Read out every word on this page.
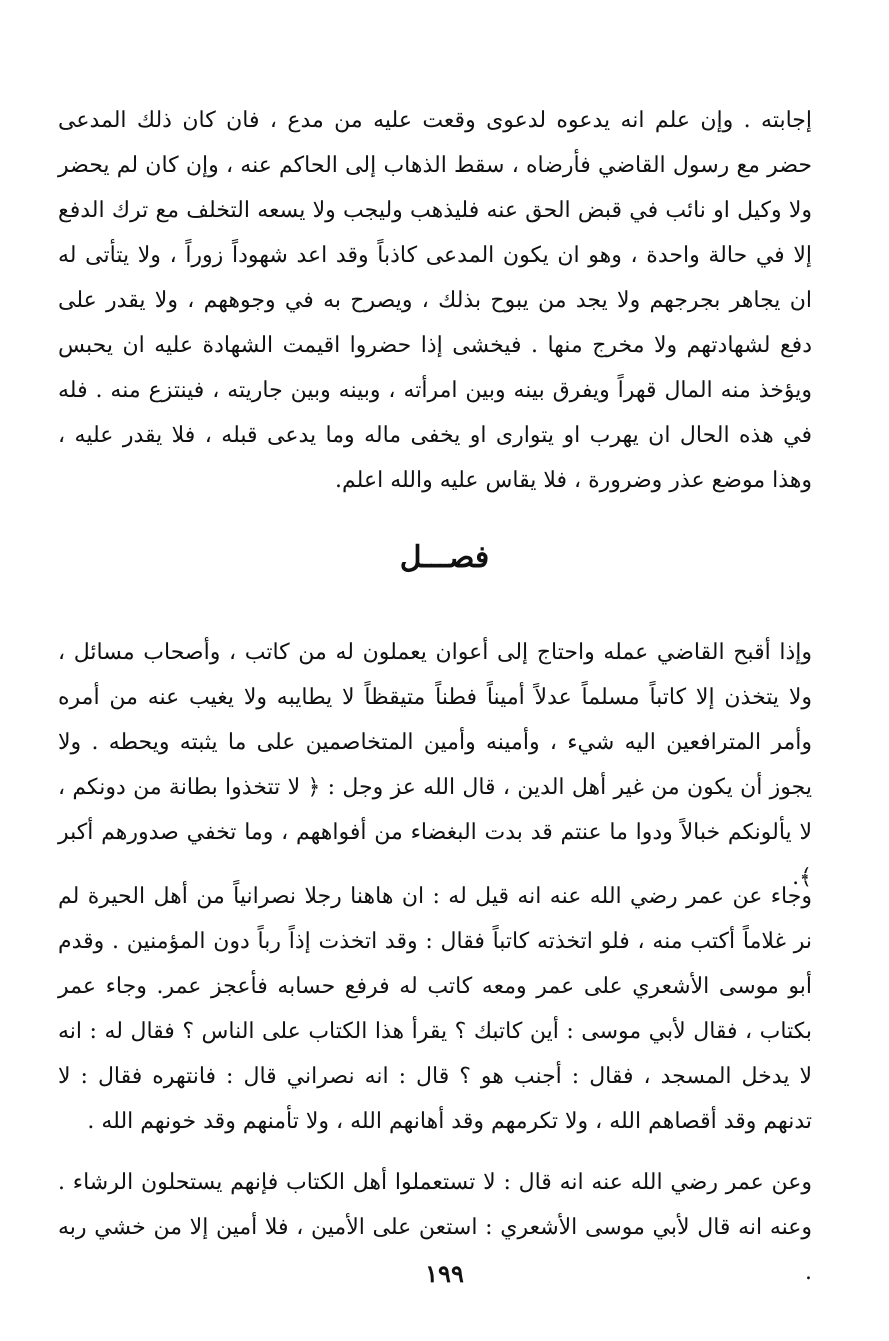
إجابته . وإن علم انه يدعوه لدعوى وقعت عليه من مدع ، فان كان ذلك المدعى حضر مع رسول القاضي فأرضاه ، سقط الذهاب إلى الحاكم عنه ، وإن كان لم يحضر ولا وكيل او نائب في قبض الحق عنه فليذهب وليجب ولا يسعه التخلف مع ترك الدفع إلا في حالة واحدة ، وهو ان يكون المدعى كاذباً وقد اعد شهوداً زوراً ، ولا يتأتى له ان يجاهر بجرجهم ولا يجد من يبوح بذلك ، ويصرح به في وجوههم ، ولا يقدر على دفع لشهادتهم ولا مخرج منها . فيخشى إذا حضروا اقيمت الشهادة عليه ان يحبس ويؤخذ منه المال قهراً ويفرق بينه وبين امرأته ، وبينه وبين جاريته ، فينتزع منه . فله في هذه الحال ان يهرب او يتوارى او يخفى ماله وما يدعى قبله ، فلا يقدر عليه ، وهذا موضع عذر وضرورة ، فلا يقاس عليه والله اعلم.

فصـــل

وإذا أقبح القاضي عمله واحتاج إلى أعوان يعملون له من كاتب ، وأصحاب مسائل ، ولا يتخذن إلا كاتباً مسلماً عدلاً أميناً فطناً متيقظاً لا يطايبه ولا يغيب عنه من أمره وأمر المترافعين اليه شيء ، وأمينه وأمين المتخاصمين على ما يثبته ويحطه . ولا يجوز أن يكون من غير أهل الدين ، قال الله عز وجل : ﴿ لا تتخذوا بطانة من دونكم ، لا يألونكم خبالاً ودوا ما عنتم قد بدت البغضاء من أفواههم ، وما تخفي صدورهم أكبر ﴾.

وجاء عن عمر رضي الله عنه انه قيل له : ان هاهنا رجلا نصرانياً من أهل الحيرة لم نر غلاماً أكتب منه ، فلو اتخذته كاتباً فقال : وقد اتخذت إذاً رباً دون المؤمنين . وقدم أبو موسى الأشعري على عمر ومعه كاتب له فرفع حسابه فأعجز عمر. وجاء عمر بكتاب ، فقال لأبي موسى : أين كاتبك ؟ يقرأ هذا الكتاب على الناس ؟ فقال له : انه لا يدخل المسجد ، فقال : أجنب هو ؟ قال : انه نصراني قال : فانتهره فقال : لا تدنهم وقد أقصاهم الله ، ولا تكرمهم وقد أهانهم الله ، ولا تأمنهم وقد خونهم الله .

وعن عمر رضي الله عنه انه قال : لا تستعملوا أهل الكتاب فإنهم يستحلون الرشاء . وعنه انه قال لأبي موسى الأشعري : استعن على الأمين ، فلا أمين إلا من خشي ربه .

١٩٩
